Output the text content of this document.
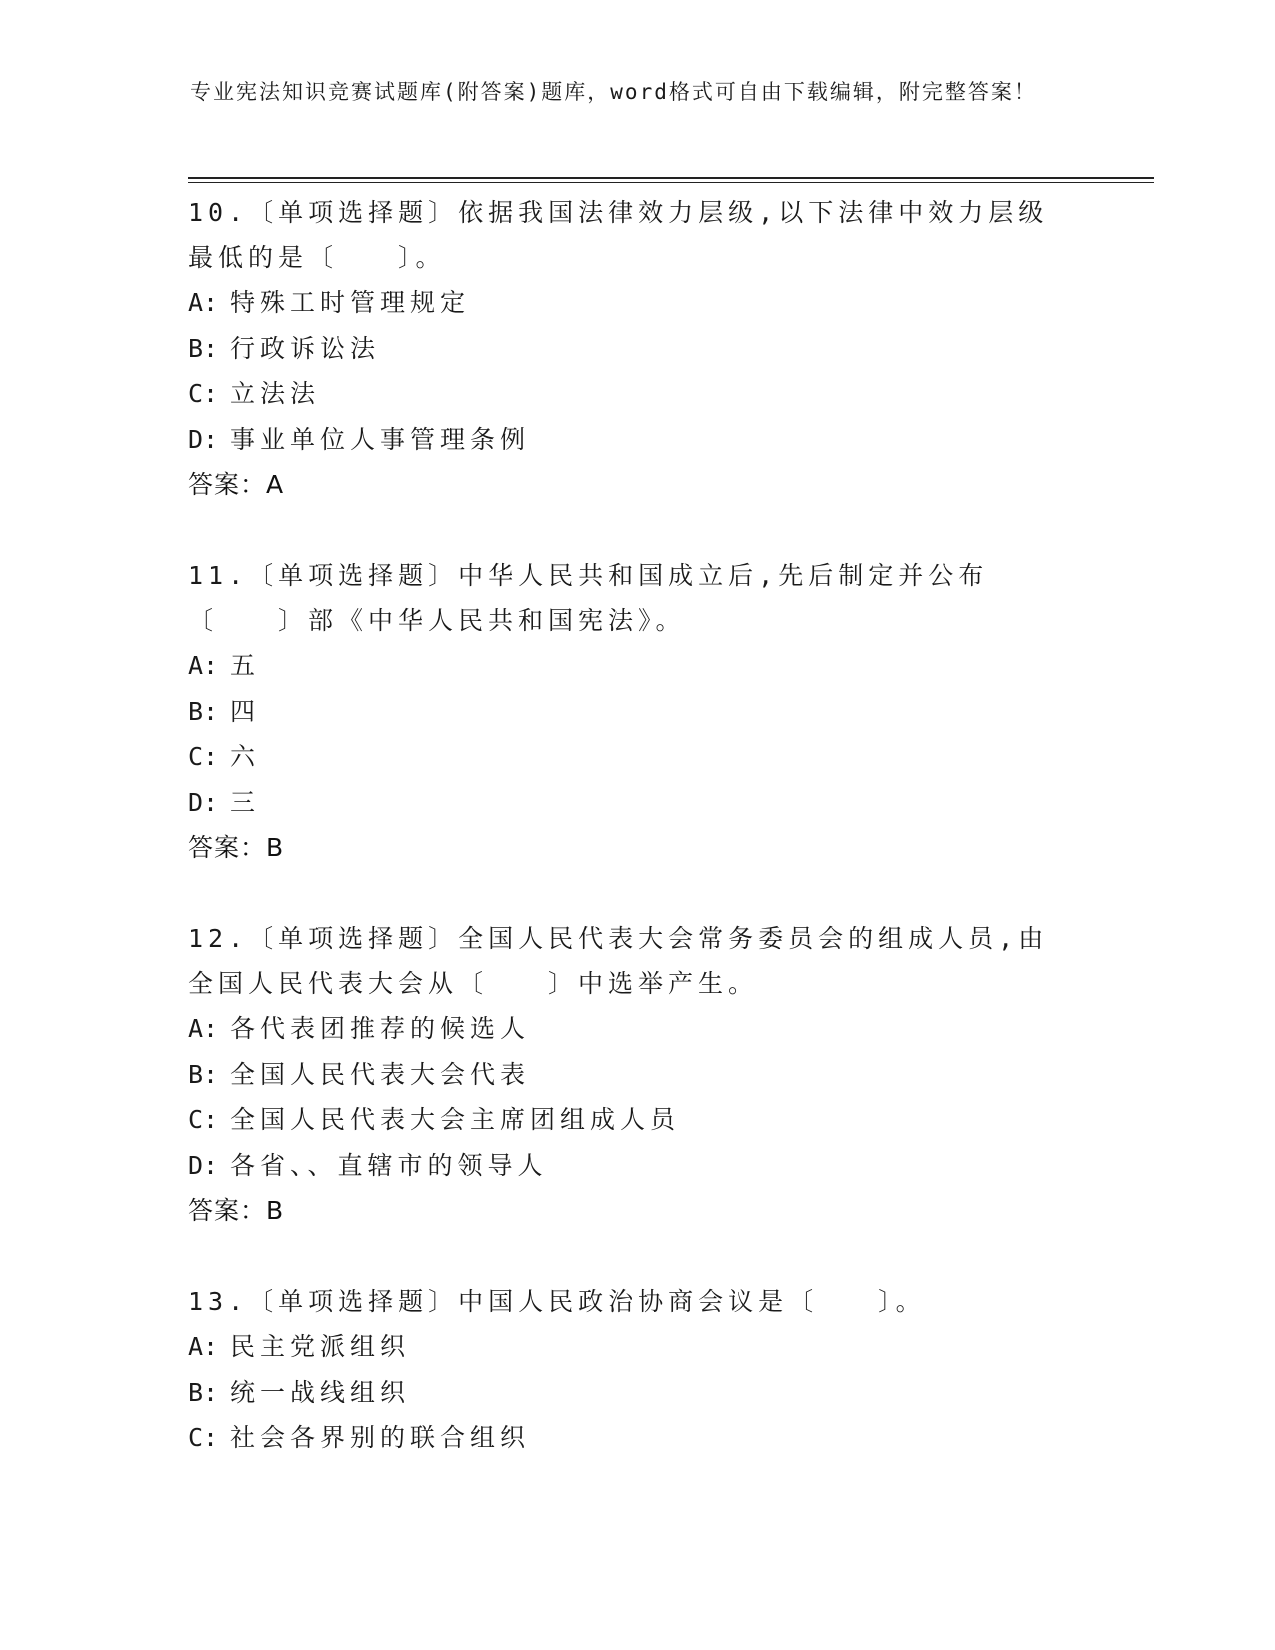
专业宪法知识竞赛试题库(附答案)题库，word格式可自由下载编辑，附完整答案！

10.〔单项选择题〕依据我国法律效力层级,以下法律中效力层级最低的是〔　　〕。

A: 特殊工时管理规定

B: 行政诉讼法

C: 立法法

D: 事业单位人事管理条例

答案：A

11.〔单项选择题〕中华人民共和国成立后,先后制定并公布〔　　〕部《中华人民共和国宪法》。

A: 五

B: 四

C: 六

D: 三

答案：B

12.〔单项选择题〕全国人民代表大会常务委员会的组成人员,由全国人民代表大会从〔　　〕中选举产生。

A: 各代表团推荐的候选人

B: 全国人民代表大会代表

C: 全国人民代表大会主席团组成人员

D: 各省、、直辖市的领导人

答案：B

13.〔单项选择题〕中国人民政治协商会议是〔　　〕。

A: 民主党派组织

B: 统一战线组织

C: 社会各界别的联合组织
